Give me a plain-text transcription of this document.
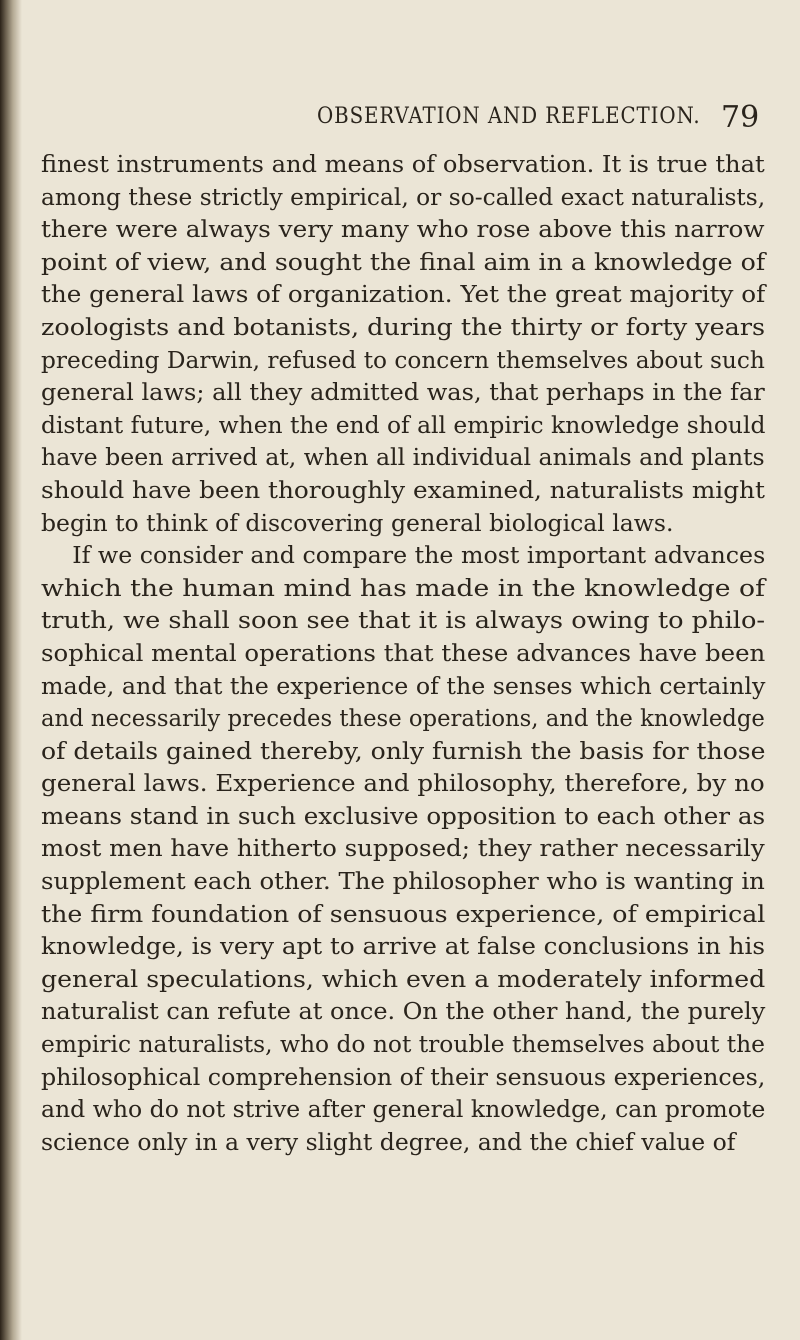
OBSERVATION AND REFLECTION. 79
finest instruments and means of observation. It is true that
among these strictly empirical, or so-called exact naturalists,
there were always very many who rose above this narrow
point of view, and sought the final aim in a knowledge of
the general laws of organization. Yet the great majority of
zoologists and botanists, during the thirty or forty years
preceding Darwin, refused to concern themselves about such
general laws; all they admitted was, that perhaps in the far
distant future, when the end of all empiric knowledge should
have been arrived at, when all individual animals and plants
should have been thoroughly examined, naturalists might
begin to think of discovering general biological laws.
If we consider and compare the most important advances
which the human mind has made in the knowledge of
truth, we shall soon see that it is always owing to philo-
sophical mental operations that these advances have been
made, and that the experience of the senses which certainly
and necessarily precedes these operations, and the knowledge
of details gained thereby, only furnish the basis for those
general laws. Experience and philosophy, therefore, by no
means stand in such exclusive opposition to each other as
most men have hitherto supposed; they rather necessarily
supplement each other. The philosopher who is wanting in
the firm foundation of sensuous experience, of empirical
knowledge, is very apt to arrive at false conclusions in his
general speculations, which even a moderately informed
naturalist can refute at once. On the other hand, the purely
empiric naturalists, who do not trouble themselves about the
philosophical comprehension of their sensuous experiences,
and who do not strive after general knowledge, can promote
science only in a very slight degree, and the chief value of
